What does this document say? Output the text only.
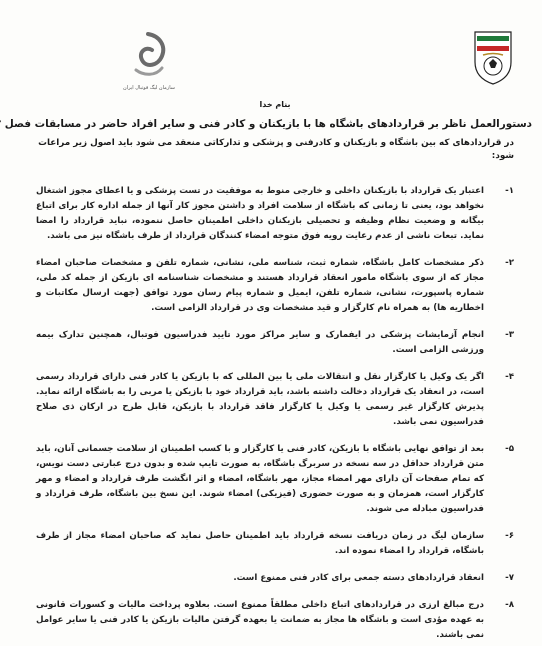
سازمان لیگ فوتبال ایران
بنام خدا
دستورالعمل ناظر بر قراردادهای باشگاه ها با بازیکنان و کادر فنی و سایر افراد حاضر در مسابقات فصل
در قراردادهای که بین باشگاه و بازیکنان و کادرفنی و پزشکی و تدارکاتی منعقد می شود باید اصول زیر مراعات شود:
۱-
اعتبار یک قرارداد با بازیکنان داخلی و خارجی منوط به موفقیت در تست پزشکی و یا اعطای مجوز اشتغال نخواهد بود، یعنی تا زمانی که باشگاه از سلامت افراد و داشتن مجوز کار آنها از جمله اداره کار برای اتباع بیگانه و وضعیت نظام وظیفه و تحصیلی بازیکنان داخلی اطمینان حاصل ننموده، نباید قرارداد را امضا نماید. تبعات ناشی از عدم رعایت رویه فوق متوجه امضاء کنندگان قرارداد از طرف باشگاه نیز می باشد.
۲-
ذکر مشخصات کامل باشگاه، شماره ثبت، شناسه ملی، نشانی، شماره تلفن و مشخصات صاحبان امضاء مجاز که از سوی باشگاه مامور انعقاد قرارداد هستند و مشخصات شناسنامه ای بازیکن از جمله کد ملی، شماره پاسپورت، نشانی، شماره تلفن، ایمیل و شماره پیام رسان مورد توافق (جهت ارسال مکاتبات و اخطاریه ها) به همراه نام کارگزار و قید مشخصات وی در قرارداد الزامی است.
۳-
انجام آزمایشات پزشکی در ایفمارک و سایر مراکز مورد تایید فدراسیون فوتبال، همچنین تدارک بیمه ورزشی الزامی است.
۴-
اگر یک وکیل یا کارگزار نقل و انتقالات ملی یا بین المللی که با بازیکن یا کادر فنی دارای قرارداد رسمی است، در انعقاد یک قرارداد دخالت داشته باشد، باید قرارداد خود با بازیکن یا مربی را به باشگاه ارائه نماید. پذیرش کارگزار غیر رسمی یا وکیل یا کارگزار فاقد قرارداد با بازیکن، قابل طرح در ارکان ذی صلاح فدراسیون نمی باشد.
۵-
بعد از توافق نهایی باشگاه با بازیکن، کادر فنی یا کارگزار و با کسب اطمینان از سلامت جسمانی آنان، باید متن قرارداد حداقل در سه نسخه در سربرگ باشگاه، به صورت تایپ شده و بدون درج عبارتی دست نویس، که تمام صفحات آن دارای مهر امضاء مجاز، مهر باشگاه، امضاء و اثر انگشت طرف قرارداد و امضاء و مهر کارگزار است، همزمان و به صورت حضوری (فیزیکی) امضاء شوند. این نسخ بین باشگاه، طرف قرارداد و فدراسیون مبادله می شوند.
۶-
سازمان لیگ در زمان دریافت نسخه قرارداد باید اطمینان حاصل نماید که صاحبان امضاء مجاز از طرف باشگاه، قرارداد را امضاء نموده اند.
۷-
انعقاد قراردادهای دسته جمعی برای کادر فنی ممنوع است.
۸-
درج مبالغ ارزی در قراردادهای اتباع داخلی مطلقاً ممنوع است. بعلاوه پرداخت مالیات و کسورات قانونی به عهده مؤدی است و باشگاه ها مجاز به ضمانت یا بعهده گرفتن مالیات بازیکن یا کادر فنی یا سایر عوامل نمی باشند.
